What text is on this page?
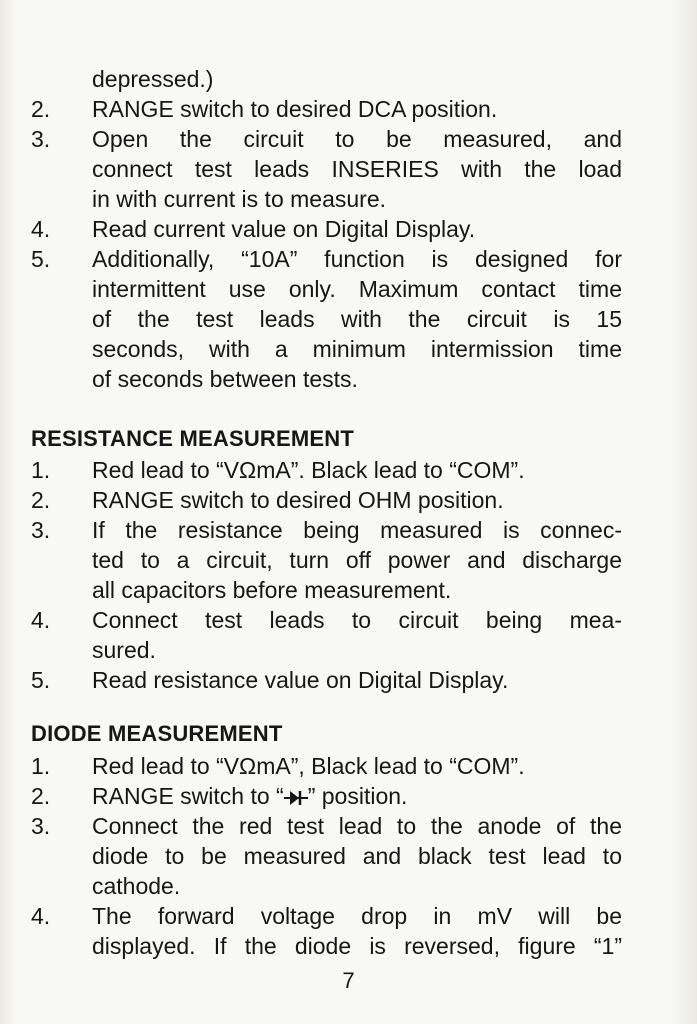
depressed.)
2.	RANGE switch to desired DCA position.
3.	Open the circuit to be measured, and
connect test leads INSERIES with the load
in with current is to measure.
4.	Read current value on Digital Display.
5.	Additionally, “10A” function is designed for
intermittent use only. Maximum contact time
of the test leads with the circuit is 15
seconds, with a minimum intermission time
of seconds between tests.
RESISTANCE MEASUREMENT
1.	Red lead to “VΩmA”. Black lead to “COM”.
2.	RANGE switch to desired OHM position.
3.	If the resistance being measured is connec-
ted to a circuit, turn off power and discharge
all capacitors before measurement.
4.	Connect test leads to circuit being mea-
sured.
5.	Read resistance value on Digital Display.
DIODE MEASUREMENT
1.	Red lead to “VΩmA”, Black lead to “COM”.
2.	RANGE switch to “ ” position.
3.	Connect the red test lead to the anode of the
diode to be measured and black test lead to
cathode.
4.	The forward voltage drop in mV will be
displayed. If the diode is reversed, figure “1”
7
